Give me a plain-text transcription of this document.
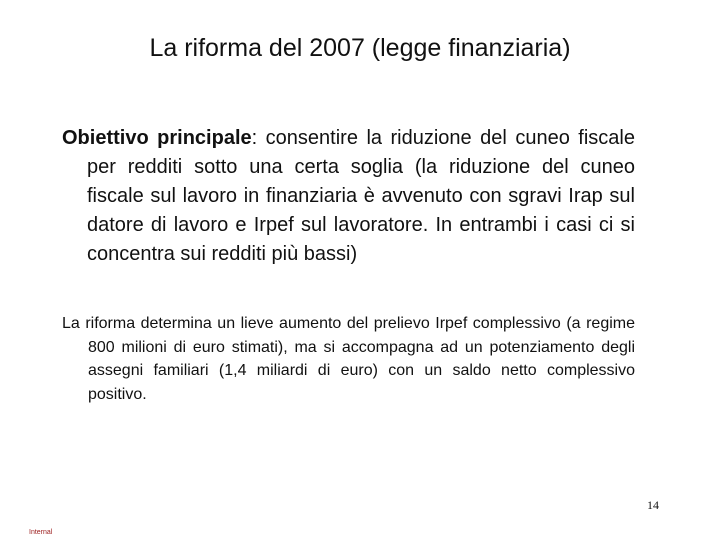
La riforma del 2007 (legge finanziaria)
Obiettivo principale: consentire la riduzione del cuneo fiscale per redditi sotto una certa soglia (la riduzione del cuneo fiscale sul lavoro in finanziaria è avvenuto con sgravi Irap sul datore di lavoro e Irpef sul lavoratore. In entrambi i casi ci si concentra sui redditi più bassi)
La riforma determina un lieve aumento del prelievo Irpef complessivo (a regime 800 milioni di euro stimati), ma si accompagna ad un potenziamento degli assegni familiari (1,4 miliardi di euro) con un saldo netto complessivo positivo.
14
Internal
